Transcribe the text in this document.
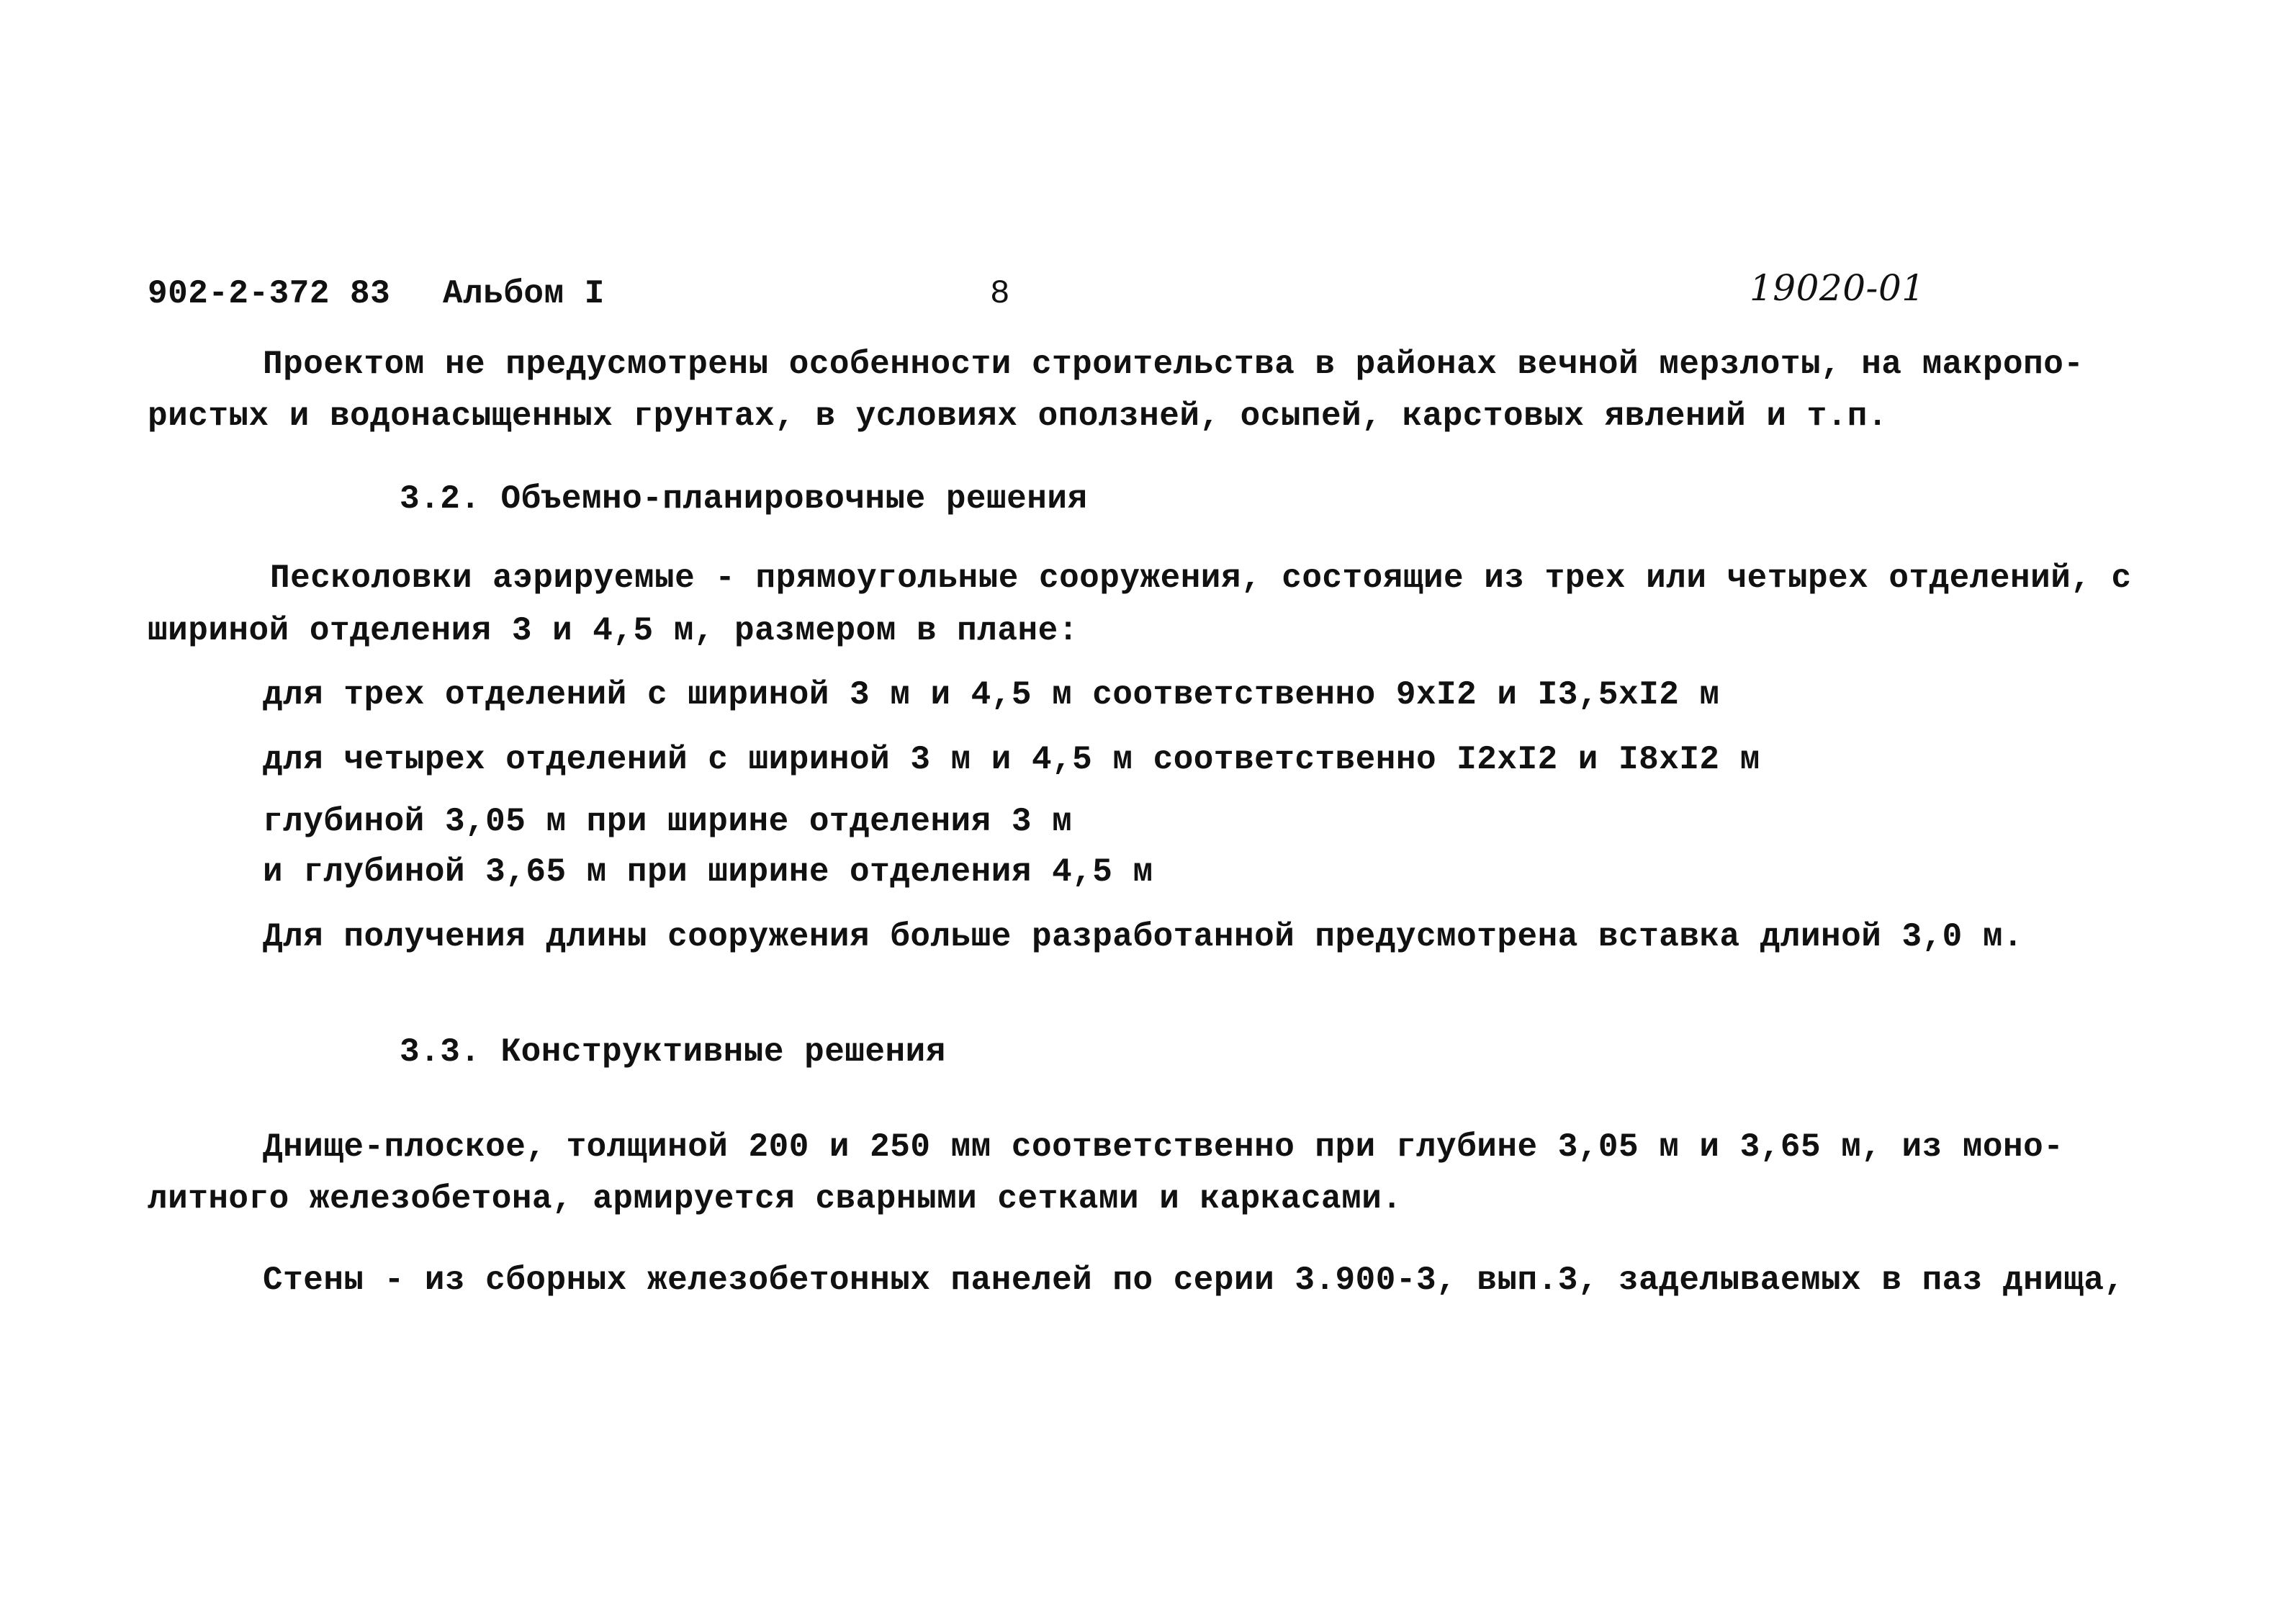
902-2-372 83 Альбом I	8	19020-01
Проектом не предусмотрены особенности строительства в районах вечной мерзлоты, на макропо-
ристых и водонасыщенных грунтах, в условиях оползней, осыпей, карстовых явлений и т.п.
3.2. Объемно-планировочные решения
Песколовки аэрируемые - прямоугольные сооружения, состоящие из трех или четырех отделений, с
шириной отделения 3 и 4,5 м, размером в плане:
для трех отделений с шириной 3 м и 4,5 м соответственно 9хI2 и I3,5хI2 м
для четырех отделений с шириной 3 м и 4,5 м соответственно I2хI2 и I8хI2 м
глубиной 3,05 м при ширине отделения 3 м
и глубиной 3,65 м при ширине отделения 4,5 м
Для получения длины сооружения больше разработанной предусмотрена вставка длиной 3,0 м.
3.3. Конструктивные решения
Днище-плоское, толщиной 200 и 250 мм соответственно при глубине 3,05 м и 3,65 м, из моно-
литного железобетона, армируется сварными сетками и каркасами.
Стены - из сборных железобетонных панелей по серии 3.900-3, вып.3, заделываемых в паз днища,
